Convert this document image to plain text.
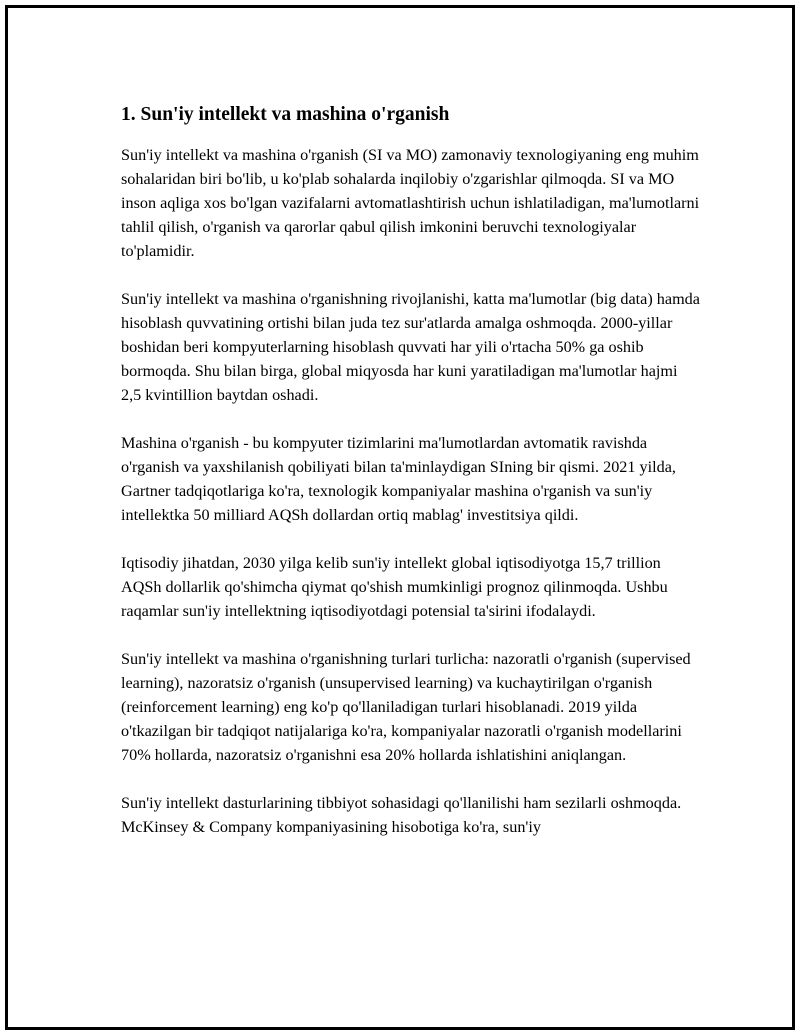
1. Sun'iy intellekt va mashina o'rganish

Sun'iy intellekt va mashina o'rganish (SI va MO) zamonaviy texnologiyaning eng muhim sohalaridan biri bo'lib, u ko'plab sohalarda inqilobiy o'zgarishlar qilmoqda. SI va MO inson aqliga xos bo'lgan vazifalarni avtomatlashtirish uchun ishlatiladigan, ma'lumotlarni tahlil qilish, o'rganish va qarorlar qabul qilish imkonini beruvchi texnologiyalar to'plamidir.

Sun'iy intellekt va mashina o'rganishning rivojlanishi, katta ma'lumotlar (big data) hamda hisoblash quvvatining ortishi bilan juda tez sur'atlarda amalga oshmoqda. 2000-yillar boshidan beri kompyuterlarning hisoblash quvvati har yili o'rtacha 50% ga oshib bormoqda. Shu bilan birga, global miqyosda har kuni yaratiladigan ma'lumotlar hajmi 2,5 kvintillion baytdan oshadi.

Mashina o'rganish - bu kompyuter tizimlarini ma'lumotlardan avtomatik ravishda o'rganish va yaxshilanish qobiliyati bilan ta'minlaydigan SIning bir qismi. 2021 yilda, Gartner tadqiqotlariga ko'ra, texnologik kompaniyalar mashina o'rganish va sun'iy intellektka 50 milliard AQSh dollardan ortiq mablag' investitsiya qildi.

Iqtisodiy jihatdan, 2030 yilga kelib sun'iy intellekt global iqtisodiyotga 15,7 trillion AQSh dollarlik qo'shimcha qiymat qo'shish mumkinligi prognoz qilinmoqda. Ushbu raqamlar sun'iy intellektning iqtisodiyotdagi potensial ta'sirini ifodalaydi.

Sun'iy intellekt va mashina o'rganishning turlari turlicha: nazoratli o'rganish (supervised learning), nazoratsiz o'rganish (unsupervised learning) va kuchaytirilgan o'rganish (reinforcement learning) eng ko'p qo'llaniladigan turlari hisoblanadi. 2019 yilda o'tkazilgan bir tadqiqot natijalariga ko'ra, kompaniyalar nazoratli o'rganish modellarini 70% hollarda, nazoratsiz o'rganishni esa 20% hollarda ishlatishini aniqlangan.

Sun'iy intellekt dasturlarining tibbiyot sohasidagi qo'llanilishi ham sezilarli oshmoqda. McKinsey & Company kompaniyasining hisobotiga ko'ra, sun'iy
